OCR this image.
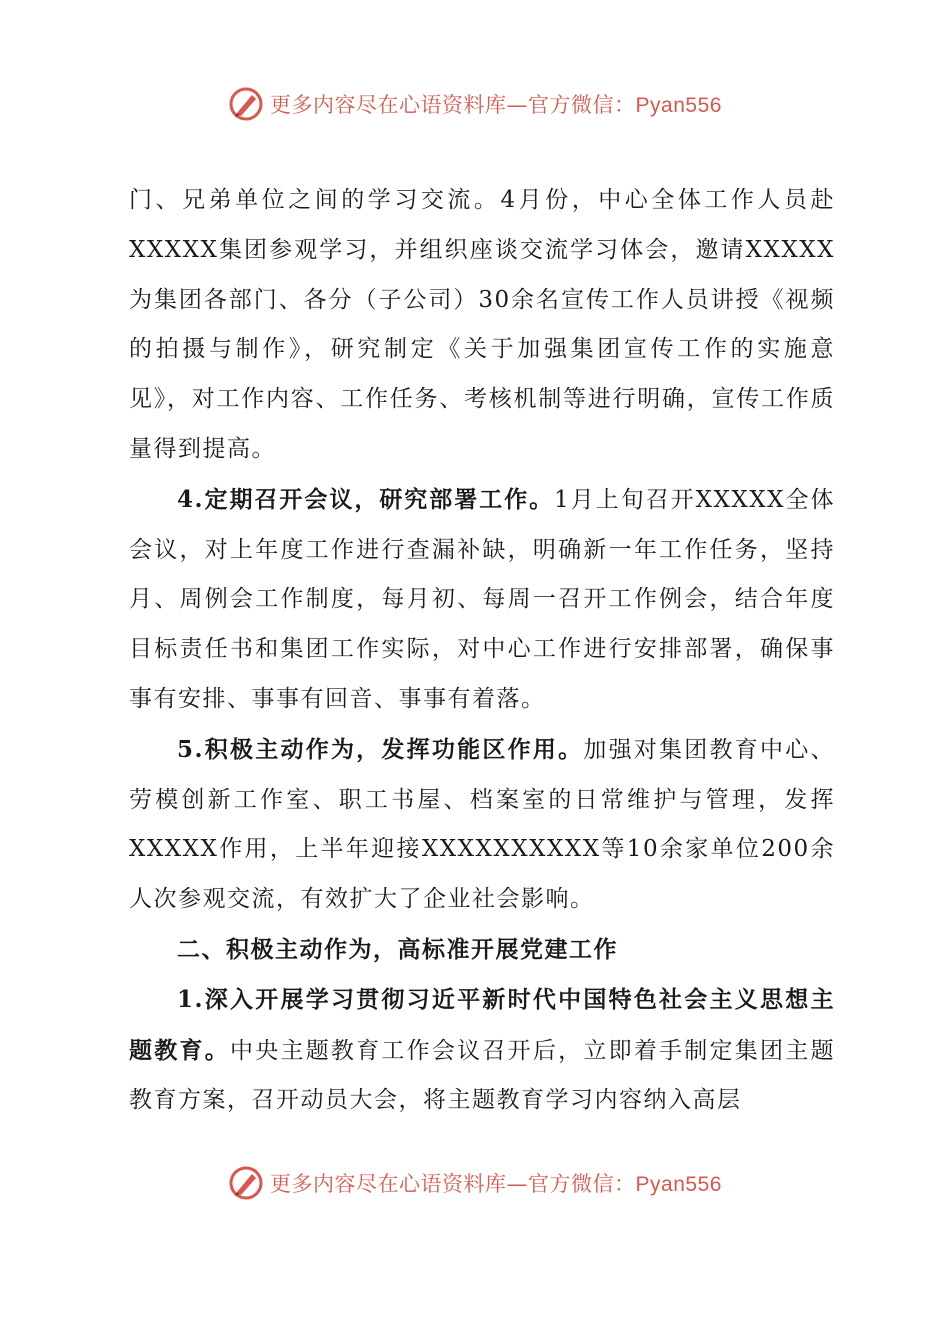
更多内容尽在心语资料库—官方微信：Pyan556

门、兄弟单位之间的学习交流。4月份，中心全体工作人员赴XXXXX集团参观学习，并组织座谈交流学习体会，邀请XXXXX为集团各部门、各分（子公司）30余名宣传工作人员讲授《视频的拍摄与制作》，研究制定《关于加强集团宣传工作的实施意见》，对工作内容、工作任务、考核机制等进行明确，宣传工作质量得到提高。

4.定期召开会议，研究部署工作。1月上旬召开XXXXX全体会议，对上年度工作进行查漏补缺，明确新一年工作任务，坚持月、周例会工作制度，每月初、每周一召开工作例会，结合年度目标责任书和集团工作实际，对中心工作进行安排部署，确保事事有安排、事事有回音、事事有着落。

5.积极主动作为，发挥功能区作用。加强对集团教育中心、劳模创新工作室、职工书屋、档案室的日常维护与管理，发挥XXXXX作用，上半年迎接XXXXXXXXXX等10余家单位200余人次参观交流，有效扩大了企业社会影响。

二、积极主动作为，高标准开展党建工作

1.深入开展学习贯彻习近平新时代中国特色社会主义思想主题教育。中央主题教育工作会议召开后，立即着手制定集团主题教育方案，召开动员大会，将主题教育学习内容纳入高层

更多内容尽在心语资料库—官方微信：Pyan556
